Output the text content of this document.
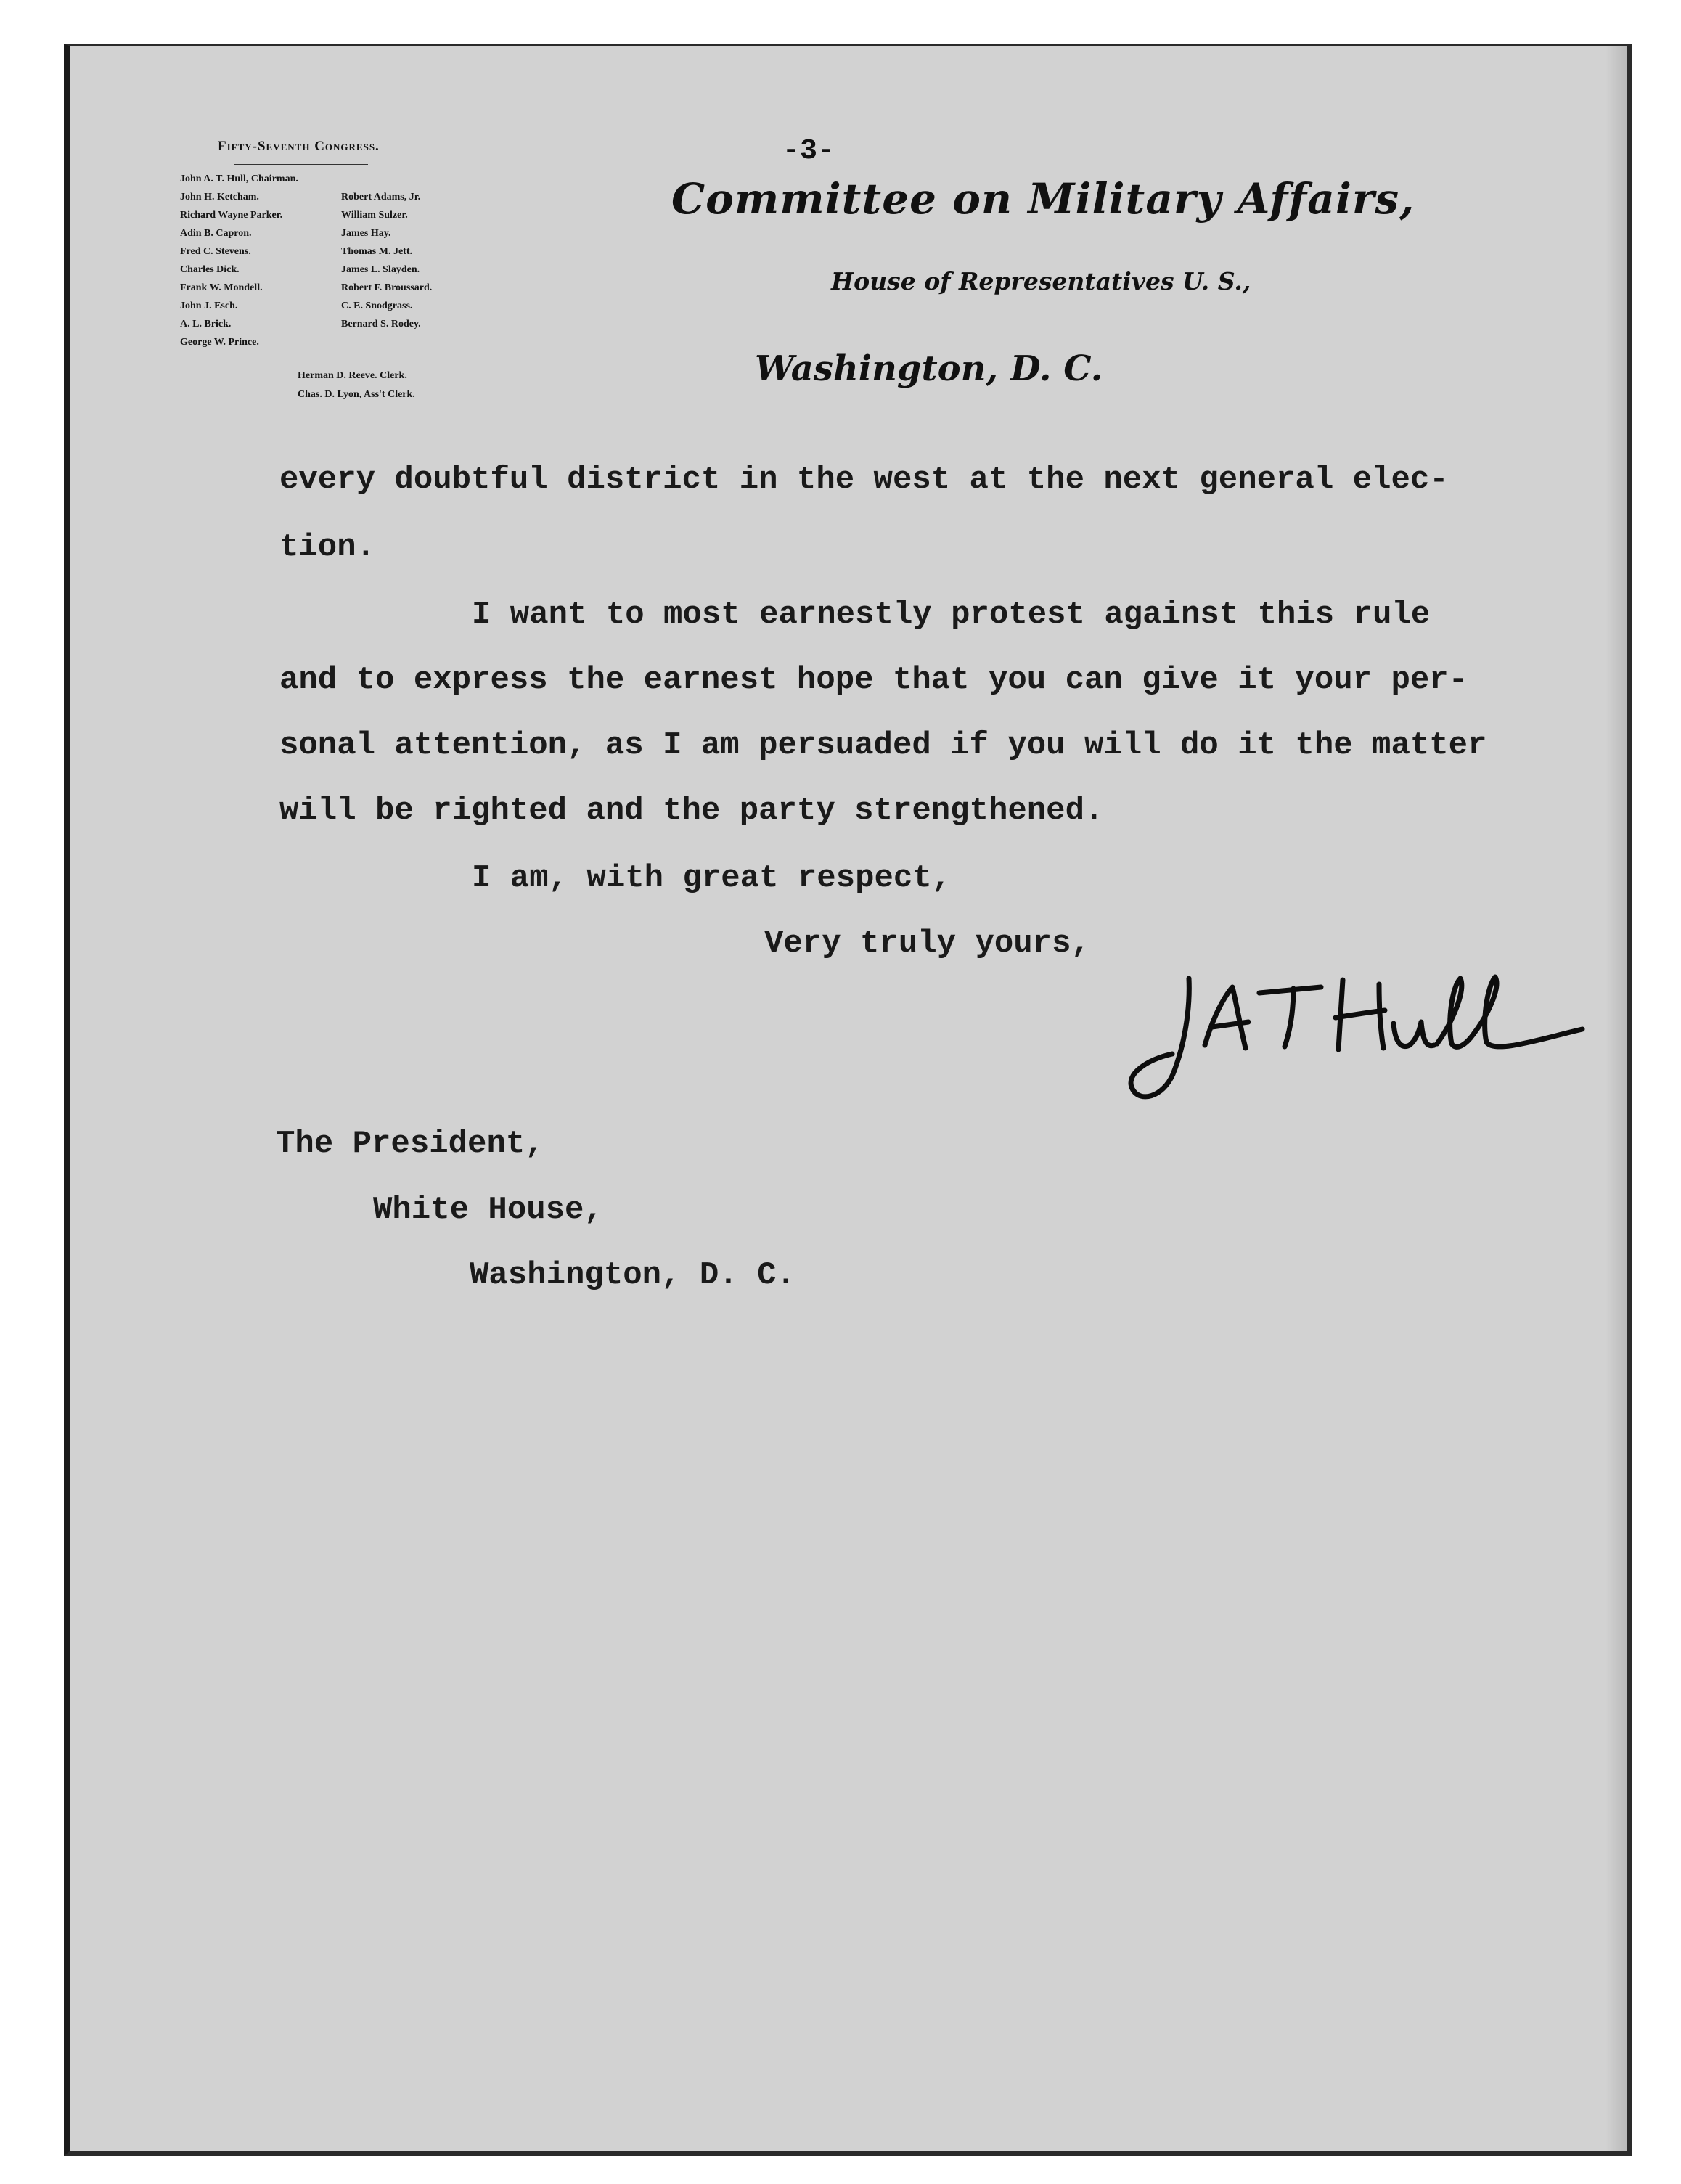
Fifty-Seventh Congress.
John A. T. Hull, Chairman.
John H. Ketcham.
Richard Wayne Parker.
Adin B. Capron.
Fred C. Stevens.
Charles Dick.
Frank W. Mondell.
John J. Esch.
A. L. Brick.
George W. Prince.
Robert Adams, Jr.
William Sulzer.
James Hay.
Thomas M. Jett.
James L. Slayden.
Robert F. Broussard.
C. E. Snodgrass.
Bernard S. Rodey.
Herman D. Reeve. Clerk.
Chas. D. Lyon, Ass't Clerk.
-3-
Committee on Military Affairs,
House of Representatives U. S.,
Washington, D. C.
every doubtful district in the west at the next general elec-
tion.
I want to most earnestly protest against this rule
and to express the earnest hope that you can give it your per-
sonal attention, as I am persuaded if you will do it the matter
will be righted and the party strengthened.
I am, with great respect,
Very truly yours,
The President,
White House,
Washington, D. C.
